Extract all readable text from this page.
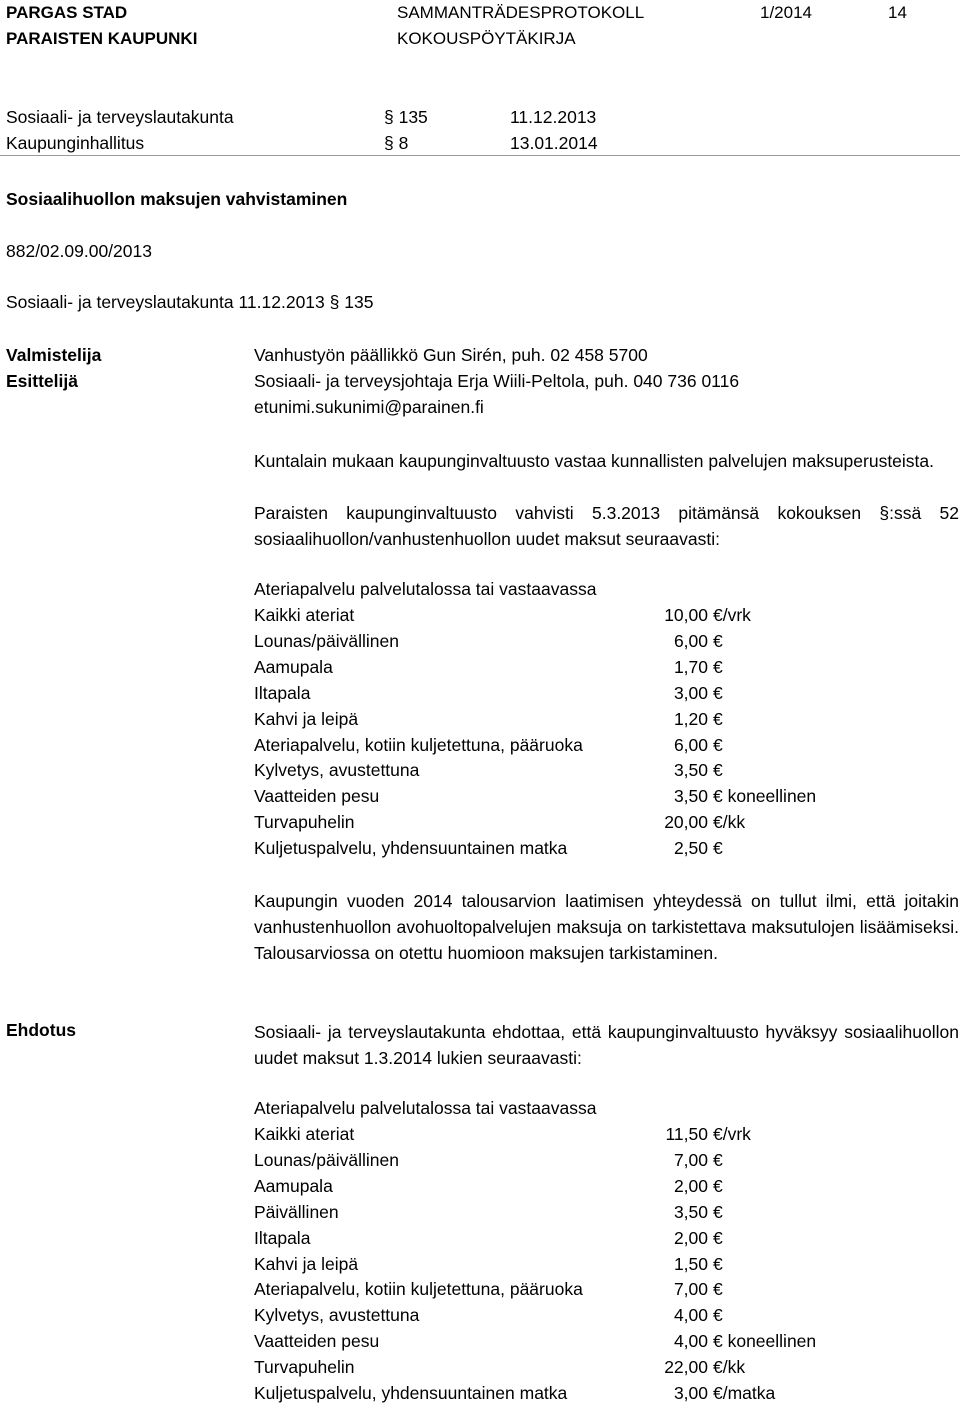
PARGAS STAD
PARAISTEN KAUPUNKI
SAMMANTRÄDESPROTOKOLL
KOKOUSPÖYTÄKIRJA
1/2014	14
Sosiaali- ja terveyslautakunta	§ 135	11.12.2013
Kaupunginhallitus	§ 8	13.01.2014
Sosiaalihuollon maksujen vahvistaminen
882/02.09.00/2013
Sosiaali- ja terveyslautakunta 11.12.2013 § 135
Valmistelija	Vanhustyön päällikkö Gun Sirén, puh. 02 458 5700
Esittelijä	Sosiaali- ja terveysjohtaja Erja Wiili-Peltola, puh. 040 736 0116
etunimi.sukunimi@parainen.fi

Kuntalain mukaan kaupunginvaltuusto vastaa kunnallisten palvelujen maksuperusteista.

Paraisten kaupunginvaltuusto vahvisti 5.3.2013 pitämänsä kokouksen §:ssä 52 sosiaalihuollon/vanhustenhuollon uudet maksut seuraavasti:

Ateriapalvelu palvelutalossa tai vastaavassa
Kaikki ateriat	10,00 €/vrk
Lounas/päivällinen	6,00 €
Aamupala	1,70 €
Iltapala	3,00 €
Kahvi ja leipä	1,20 €
Ateriapalvelu, kotiin kuljetettuna, pääruoka	6,00 €
Kylvetys, avustettuna	3,50 €
Vaatteiden pesu	3,50 € koneellinen
Turvapuhelin	20,00 €/kk
Kuljetuspalvelu, yhdensuuntainen matka	2,50 €

Kaupungin vuoden 2014 talousarvion laatimisen yhteydessä on tullut ilmi, että joitakin vanhustenhuollon avohuoltopalvelujen maksuja on tarkistettava maksutulojen lisäämiseksi. Talousarviossa on otettu huomioon maksujen tarkistaminen.

Ehdotus	Sosiaali- ja terveyslautakunta ehdottaa, että kaupunginvaltuusto hyväksyy sosiaalihuollon uudet maksut 1.3.2014 lukien seuraavasti:

Ateriapalvelu palvelutalossa tai vastaavassa
Kaikki ateriat	11,50 €/vrk
Lounas/päivällinen	7,00 €
Aamupala	2,00 €
Päivällinen	3,50 €
Iltapala	2,00 €
Kahvi ja leipä	1,50 €
Ateriapalvelu, kotiin kuljetettuna, pääruoka	7,00 €
Kylvetys, avustettuna	4,00 €
Vaatteiden pesu	4,00 € koneellinen
Turvapuhelin	22,00 €/kk
Kuljetuspalvelu, yhdensuuntainen matka	3,00 €/matka
